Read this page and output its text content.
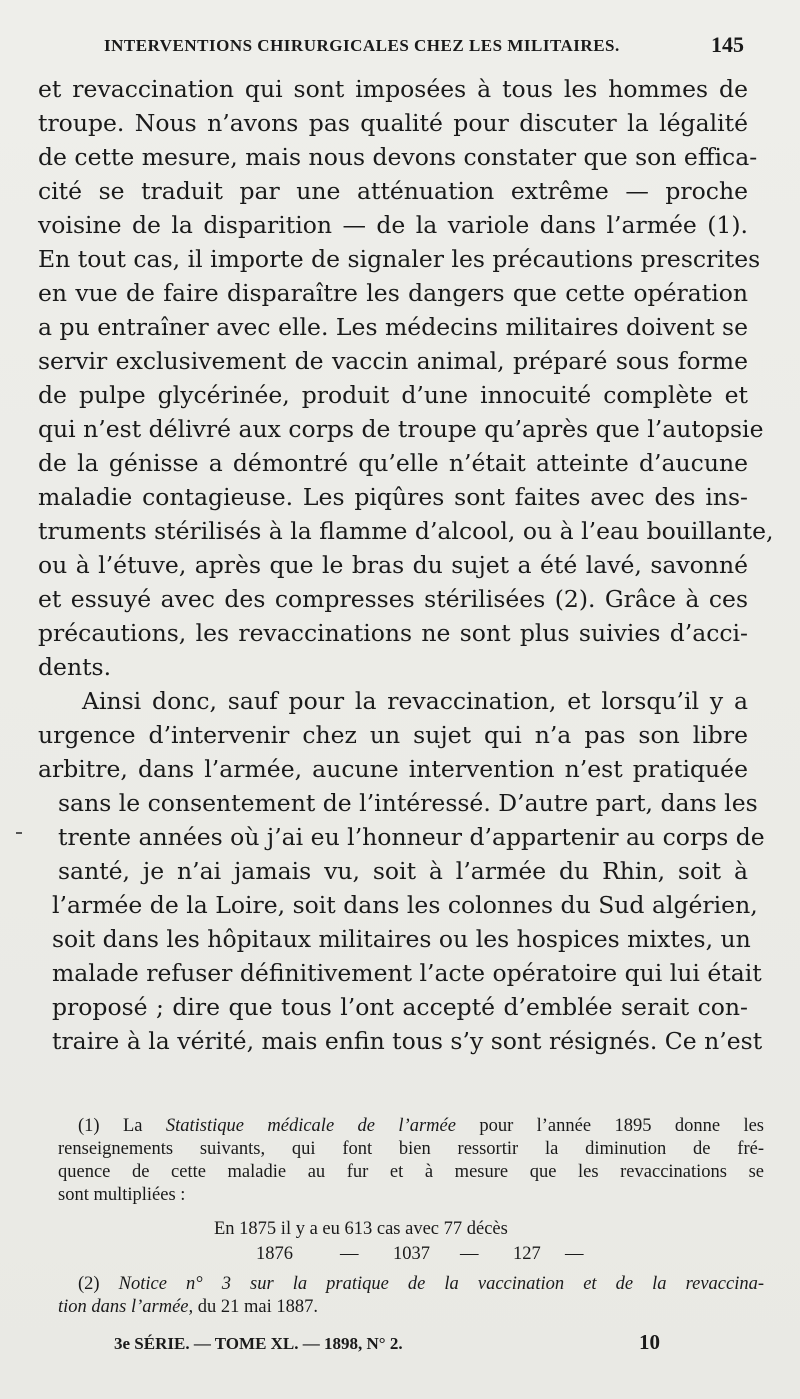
INTERVENTIONS CHIRURGICALES CHEZ LES MILITAIRES.	145
et revaccination qui sont imposées à tous les hommes de
troupe. Nous n’avons pas qualité pour discuter la légalité
de cette mesure, mais nous devons constater que son effica-
cité se traduit par une atténuation extrême — proche
voisine de la disparition — de la variole dans l’armée (1).
En tout cas, il importe de signaler les précautions prescrites
en vue de faire disparaître les dangers que cette opération
a pu entraîner avec elle. Les médecins militaires doivent se
servir exclusivement de vaccin animal, préparé sous forme
de pulpe glycérinée, produit d’une innocuité complète et
qui n’est délivré aux corps de troupe qu’après que l’autopsie
de la génisse a démontré qu’elle n’était atteinte d’aucune
maladie contagieuse. Les piqûres sont faites avec des ins-
truments stérilisés à la flamme d’alcool, ou à l’eau bouillante,
ou à l’étuve, après que le bras du sujet a été lavé, savonné
et essuyé avec des compresses stérilisées (2). Grâce à ces
précautions, les revaccinations ne sont plus suivies d’acci-
dents.
Ainsi donc, sauf pour la revaccination, et lorsqu’il y a
urgence d’intervenir chez un sujet qui n’a pas son libre
arbitre, dans l’armée, aucune intervention n’est pratiquée
sans le consentement de l’intéressé. D’autre part, dans les
trente années où j’ai eu l’honneur d’appartenir au corps de
santé, je n’ai jamais vu, soit à l’armée du Rhin, soit à
l’armée de la Loire, soit dans les colonnes du Sud algérien,
soit dans les hôpitaux militaires ou les hospices mixtes, un
malade refuser définitivement l’acte opératoire qui lui était
proposé ; dire que tous l’ont accepté d’emblée serait con-
traire à la vérité, mais enfin tous s’y sont résignés. Ce n’est
(1) La Statistique médicale de l’armée pour l’année 1895 donne les
renseignements suivants, qui font bien ressortir la diminution de fré-
quence de cette maladie au fur et à mesure que les revaccinations se
sont multipliées :
En 1875 il y a eu 613 cas avec 77 décès
1876	— 1037 — 127 —
(2) Notice n° 3 sur la pratique de la vaccination et de la revaccina-
tion dans l’armée, du 21 mai 1887.
3e SÉRIE. — TOME XL. — 1898, N° 2.	10
